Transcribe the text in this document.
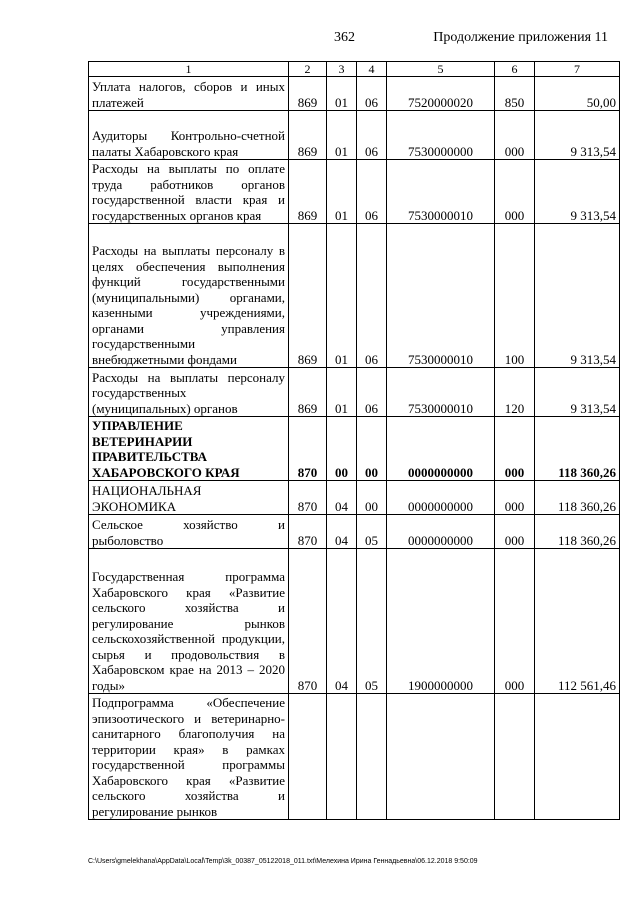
362	Продолжение приложения 11
1	2	3	4	5	6	7
Уплата налогов, сборов и иных платежей	869	01	06	7520000020	850	50,00
Аудиторы Контрольно-счетной палаты Хабаровского края	869	01	06	7530000000	000	9 313,54
Расходы на выплаты по оплате труда работников органов государственной власти края и государственных органов края	869	01	06	7530000010	000	9 313,54
Расходы на выплаты персоналу в целях обеспечения выполнения функций государственными (муниципальными) органами, казенными учреждениями, органами управления государственными внебюджетными фондами	869	01	06	7530000010	100	9 313,54
Расходы на выплаты персоналу государственных (муниципальных) органов	869	01	06	7530000010	120	9 313,54
УПРАВЛЕНИЕ ВЕТЕРИНАРИИ ПРАВИТЕЛЬСТВА ХАБАРОВСКОГО КРАЯ	870	00	00	0000000000	000	118 360,26
НАЦИОНАЛЬНАЯ ЭКОНОМИКА	870	04	00	0000000000	000	118 360,26
Сельское хозяйство и рыболовство	870	04	05	0000000000	000	118 360,26
Государственная программа Хабаровского края «Развитие сельского хозяйства и регулирование рынков сельскохозяйственной продукции, сырья и продовольствия в Хабаровском крае на 2013 – 2020 годы»	870	04	05	1900000000	000	112 561,46
Подпрограмма «Обеспечение эпизоотического и ветеринарно-санитарного благополучия на территории края» в рамках государственной программы Хабаровского края «Развитие сельского хозяйства и регулирование рынков						
C:\Users\gmelekhana\AppData\Local\Temp\3k_00387_05122018_011.txt\Мелехина Ирина Геннадьевна\06.12.2018 9:50:09
